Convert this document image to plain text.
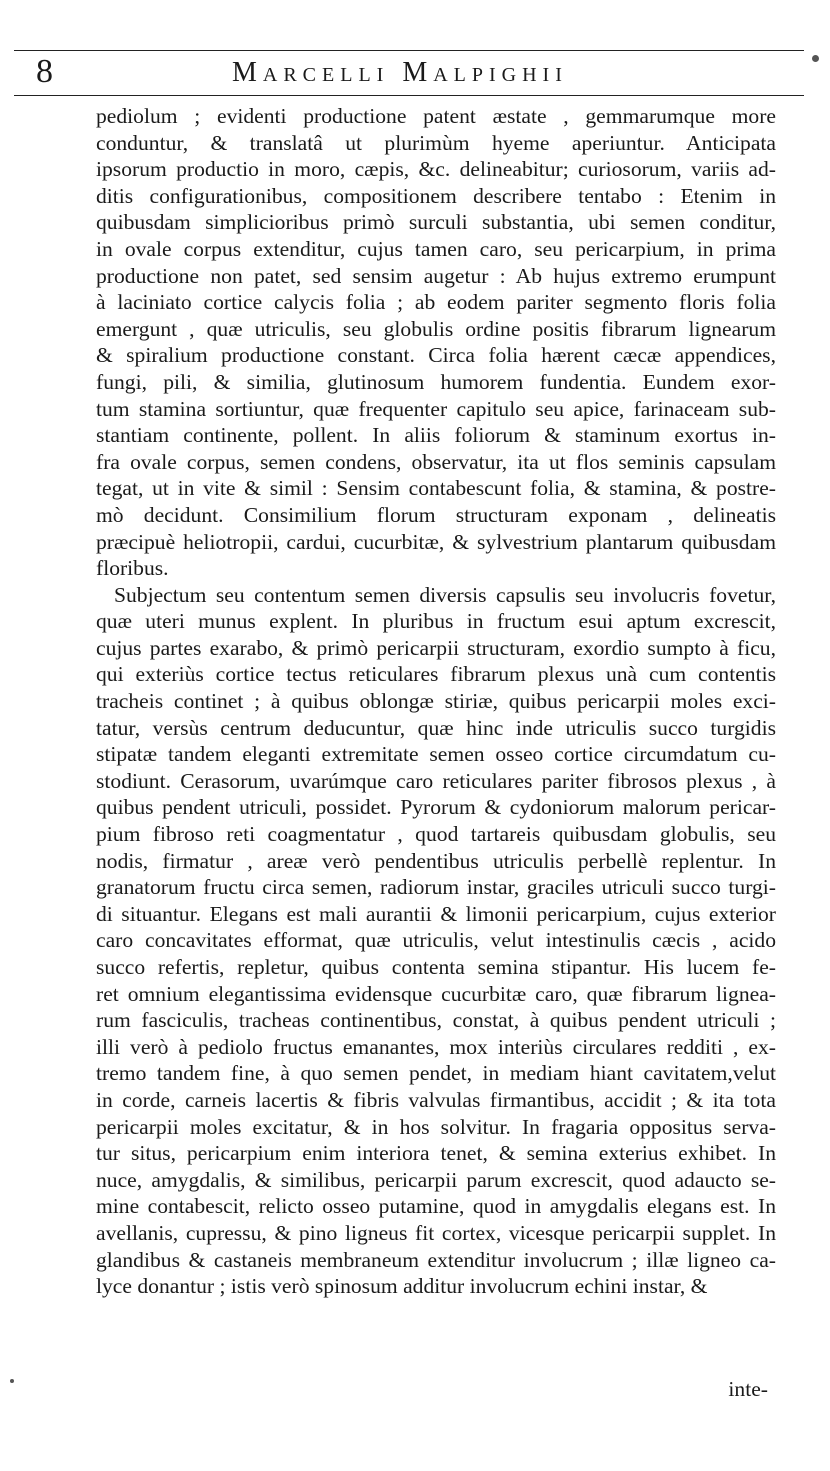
8	Marcelli Malpighii
pediolum ; evidenti productione patent æstate , gemmarumque more
conduntur, & translatâ ut plurimùm hyeme aperiuntur. Anticipata
ipsorum productio in moro, cæpis, &c. delineabitur; curiosorum, variis ad-
ditis configurationibus, compositionem describere tentabo : Etenim in
quibusdam simplicioribus primò surculi substantia, ubi semen conditur,
in ovale corpus extenditur, cujus tamen caro, seu pericarpium, in prima
productione non patet, sed sensim augetur : Ab hujus extremo erumpunt
à laciniato cortice calycis folia ; ab eodem pariter segmento floris folia
emergunt , quæ utriculis, seu globulis ordine positis fibrarum lignearum
& spiralium productione constant. Circa folia hærent cæcæ appendices,
fungi, pili, & similia, glutinosum humorem fundentia. Eundem exor-
tum stamina sortiuntur, quæ frequenter capitulo seu apice, farinaceam sub-
stantiam continente, pollent. In aliis foliorum & staminum exortus in-
fra ovale corpus, semen condens, observatur, ita ut flos seminis capsulam
tegat, ut in vite & simil : Sensim contabescunt folia, & stamina, & postre-
mò decidunt. Consimilium florum structuram exponam , delineatis
præcipuè heliotropii, cardui, cucurbitæ, & sylvestrium plantarum quibusdam
floribus.
Subjectum seu contentum semen diversis capsulis seu involucris fovetur,
quæ uteri munus explent. In pluribus in fructum esui aptum excrescit,
cujus partes exarabo, & primò pericarpii structuram, exordio sumpto à ficu,
qui exteriùs cortice tectus reticulares fibrarum plexus unà cum contentis
tracheis continet ; à quibus oblongæ stiriæ, quibus pericarpii moles exci-
tatur, versùs centrum deducuntur, quæ hinc inde utriculis succo turgidis
stipatæ tandem eleganti extremitate semen osseo cortice circumdatum cu-
stodiunt. Cerasorum, uvarúmque caro reticulares pariter fibrosos plexus , à
quibus pendent utriculi, possidet. Pyrorum & cydoniorum malorum pericar-
pium fibroso reti coagmentatur , quod tartareis quibusdam globulis, seu
nodis, firmatur , areæ verò pendentibus utriculis perbellè replentur. In
granatorum fructu circa semen, radiorum instar, graciles utriculi succo turgi-
di situantur. Elegans est mali aurantii & limonii pericarpium, cujus exterior
caro concavitates efformat, quæ utriculis, velut intestinulis cæcis , acido
succo refertis, repletur, quibus contenta semina stipantur. His lucem fe-
ret omnium elegantissima evidensque cucurbitæ caro, quæ fibrarum lignea-
rum fasciculis, tracheas continentibus, constat, à quibus pendent utriculi ;
illi verò à pediolo fructus emanantes, mox interiùs circulares redditi , ex-
tremo tandem fine, à quo semen pendet, in mediam hiant cavitatem,velut
in corde, carneis lacertis & fibris valvulas firmantibus, accidit ; & ita tota
pericarpii moles excitatur, & in hos solvitur. In fragaria oppositus serva-
tur situs, pericarpium enim interiora tenet, & semina exterius exhibet. In
nuce, amygdalis, & similibus, pericarpii parum excrescit, quod adaucto se-
mine contabescit, relicto osseo putamine, quod in amygdalis elegans est. In
avellanis, cupressu, & pino ligneus fit cortex, vicesque pericarpii supplet. In
glandibus & castaneis membraneum extenditur involucrum ; illæ ligneo ca-
lyce donantur ; istis verò spinosum additur involucrum echini instar, &
inte-
